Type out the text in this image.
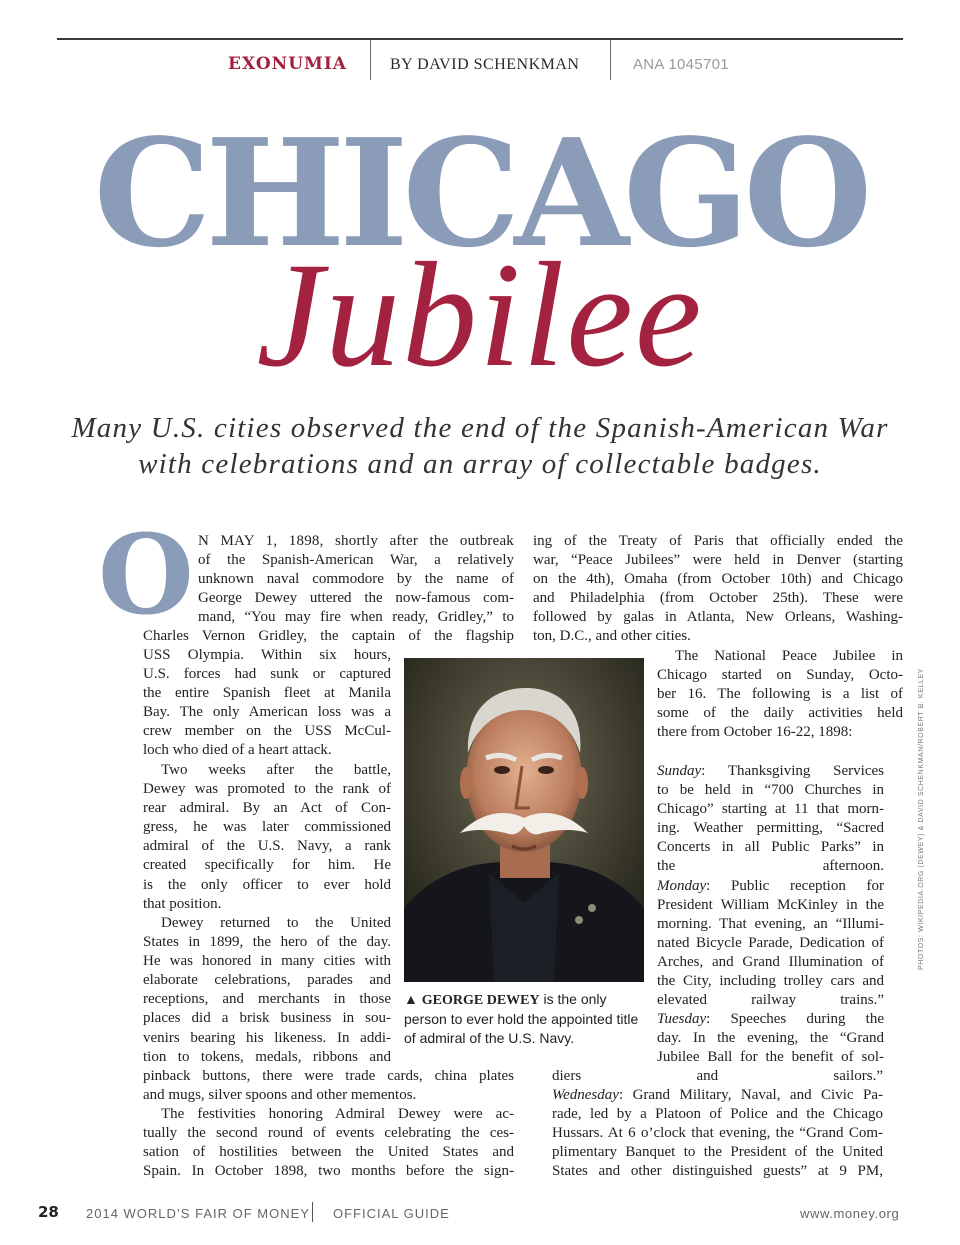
EXONUMIA	BY DAVID SCHENKMAN	ANA 1045701
CHICAGO
Jubilee
Many U.S. cities observed the end of the Spanish-American War
with celebrations and an array of collectable badges.
O N MAY 1, 1898, shortly after the outbreak
of the Spanish-American War, a relatively
unknown naval commodore by the name of
George Dewey uttered the now-famous com-
mand, “You may fire when ready, Gridley,” to
Charles Vernon Gridley, the captain of the flagship
USS Olympia. Within six hours,
U.S. forces had sunk or captured
the entire Spanish fleet at Manila
Bay. The only American loss was a
crew member on the USS McCul-
loch who died of a heart attack.
Two weeks after the battle,
Dewey was promoted to the rank of
rear admiral. By an Act of Con-
gress, he was later commissioned
admiral of the U.S. Navy, a rank
created specifically for him. He
is the only officer to ever hold
that position.
Dewey returned to the United
States in 1899, the hero of the day.
He was honored in many cities with
elaborate celebrations, parades and
receptions, and merchants in those
places did a brisk business in sou-
venirs bearing his likeness. In addi-
tion to tokens, medals, ribbons and
pinback buttons, there were trade cards, china plates
and mugs, silver spoons and other mementos.
The festivities honoring Admiral Dewey were ac-
tually the second round of events celebrating the ces-
sation of hostilities between the United States and
Spain. In October 1898, two months before the sign-
ing of the Treaty of Paris that officially ended the
war, “Peace Jubilees” were held in Denver (starting
on the 4th), Omaha (from October 10th) and Chicago
and Philadelphia (from October 25th). These were
followed by galas in Atlanta, New Orleans, Washing-
ton, D.C., and other cities.
The National Peace Jubilee in
Chicago started on Sunday, Octo-
ber 16. The following is a list of
some of the daily activities held
there from October 16-22, 1898:
Sunday: Thanksgiving Services
to be held in “700 Churches in
Chicago” starting at 11 that morn-
ing. Weather permitting, “Sacred
Concerts in all Public Parks” in
the afternoon.
Monday: Public reception for
President William McKinley in the
morning. That evening, an “Illumi-
nated Bicycle Parade, Dedication of
Arches, and Grand Illumination of
the City, including trolley cars and
elevated railway trains.”
Tuesday: Speeches during the
day. In the evening, the “Grand
Jubilee Ball for the benefit of sol-
diers and sailors.”
Wednesday: Grand Military, Naval, and Civic Pa-
rade, led by a Platoon of Police and the Chicago
Hussars. At 6 o’clock that evening, the “Grand Com-
plimentary Banquet to the President of the United
States and other distinguished guests” at 9 PM,
▲ GEORGE DEWEY is the only person to ever hold the appointed title of admiral of the U.S. Navy.
PHOTOS: WIKIPEDIA.ORG (DEWEY) & DAVID SCHENKMAN/ROBERT B. KELLEY
28 2014 WORLD’S FAIR OF MONEY OFFICIAL GUIDE	www.money.org
